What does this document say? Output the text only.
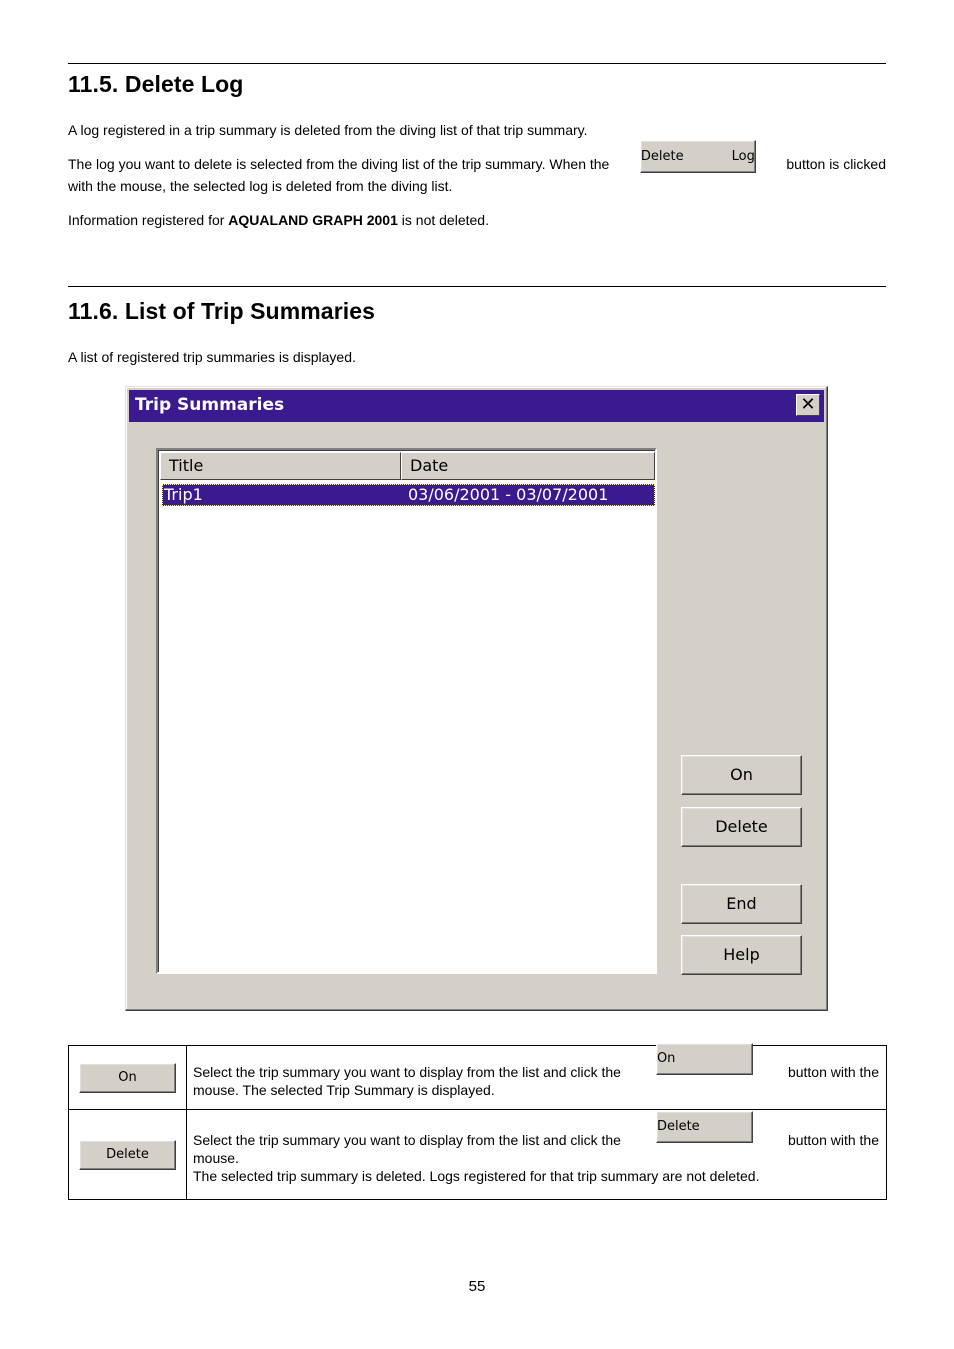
11.5. Delete Log

A log registered in a trip summary is deleted from the diving list of that trip summary.

The log you want to delete is selected from the diving list of the trip summary. When the Delete Log button is clicked

with the mouse, the selected log is deleted from the diving list.

Information registered for AQUALAND GRAPH 2001 is not deleted.

11.6. List of Trip Summaries

A list of registered trip summaries is displayed.

Trip Summaries	✕
Title	Date
Trip1	03/06/2001 - 03/07/2001
On
Delete
End
Help
On	Select the trip summary you want to display from the list and click the
On
button with the
mouse. The selected Trip Summary is displayed.

Delete	Select the trip summary you want to display from the list and click the
Delete
button with the
mouse.
The selected trip summary is deleted. Logs registered for that trip summary are not deleted.
55
